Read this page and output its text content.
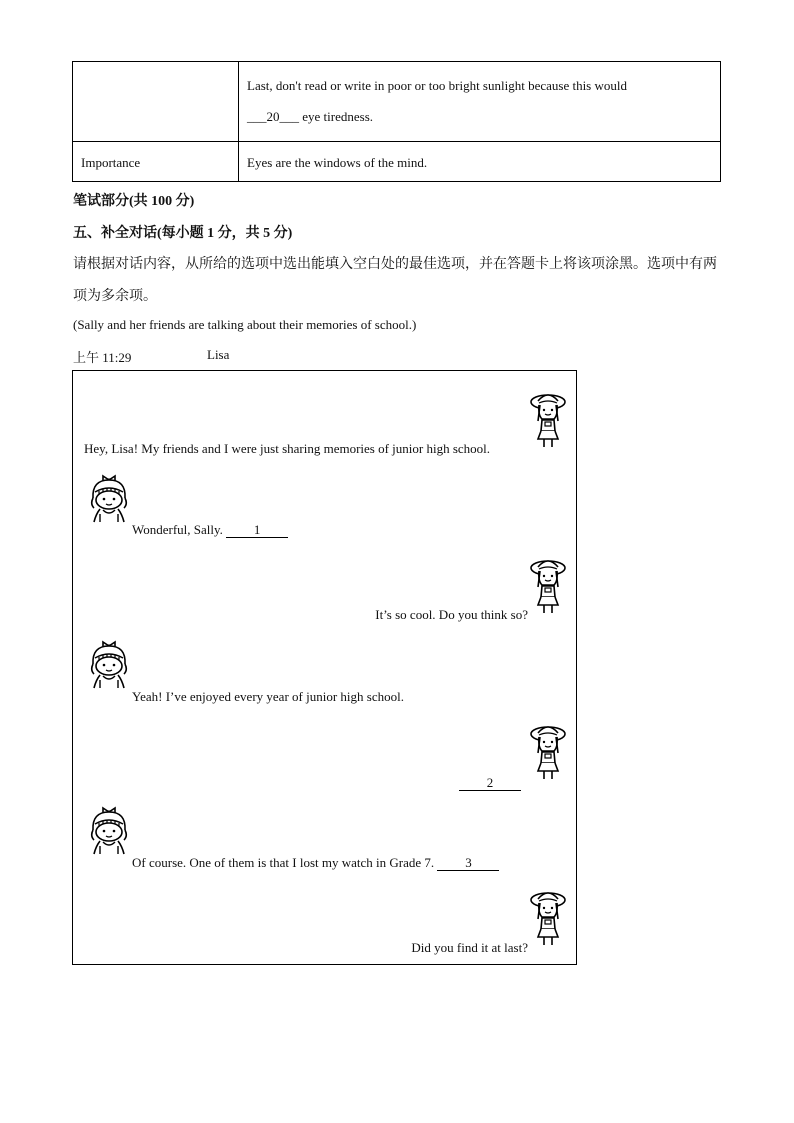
Last, don't read or write in poor or too bright sunlight because this would
___20___ eye tiredness.
Importance	Eyes are the windows of the mind.
笔试部分(共 100 分)
五、补全对话(每小题 1 分，共 5 分)
请根据对话内容，从所给的选项中选出能填入空白处的最佳选项，并在答题卡上将该项涂黑。选项中有两
项为多余项。
(Sally and her friends are talking about their memories of school.)
上午 11:29	Lisa
Hey, Lisa! My friends and I were just sharing memories of junior high school.
Wonderful, Sally. 1
It’s so cool. Do you think so?
Yeah! I’ve enjoyed every year of junior high school.
2
Of course. One of them is that I lost my watch in Grade 7. 3
Did you find it at last?
